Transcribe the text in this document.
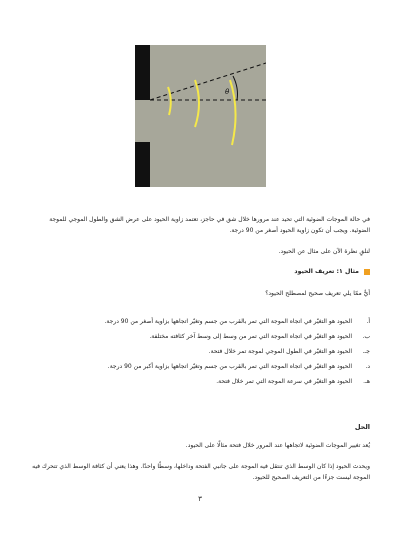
θ
في حالة الموجات الضوئية التي تحيد عند مرورها خلال شق في حاجز، تعتمد زاوية الحيود على عرض الشق والطول الموجي للموجة الضوئية. ويجب أن تكون زاوية الحيود أصغر من 90 درجة.
لنلقِ نظرة الآن على مثال عن الحيود.
مثال ١: تعريف الحيود
أيٌّ ممّا يلي تعريف صحيح لمصطلح الحيود؟
أ.
الحيود هو التغيّر في اتجاه الموجة التي تمر بالقرب من جسم وتغيّر اتجاهها بزاوية أصغر من 90 درجة.
ب.
الحيود هو التغيّر في اتجاه الموجة التي تمر من وسط إلى وسط آخر كثافته مختلفة.
جـ.
الحيود هو التغيّر في الطول الموجي لموجة تمر خلال فتحة.
د.
الحيود هو التغيّر في اتجاه الموجة التي تمر بالقرب من جسم وتغيّر اتجاهها بزاوية أكبر من 90 درجة.
هـ.
الحيود هو التغيّر في سرعة الموجة التي تمر خلال فتحة.
الحل
يُعد تغيير الموجات الضوئية لاتجاهها عند المرور خلال فتحة مثالًا على الحيود.
ويحدث الحيود إذا كان الوسط الذي تنتقل فيه الموجة على جانبي الفتحة وداخلها، وسطًا واحدًا. وهذا يعني أن كثافة الوسط الذي تتحرك فيه الموجة ليست جزءًا من التعريف الصحيح للحيود.
٣
